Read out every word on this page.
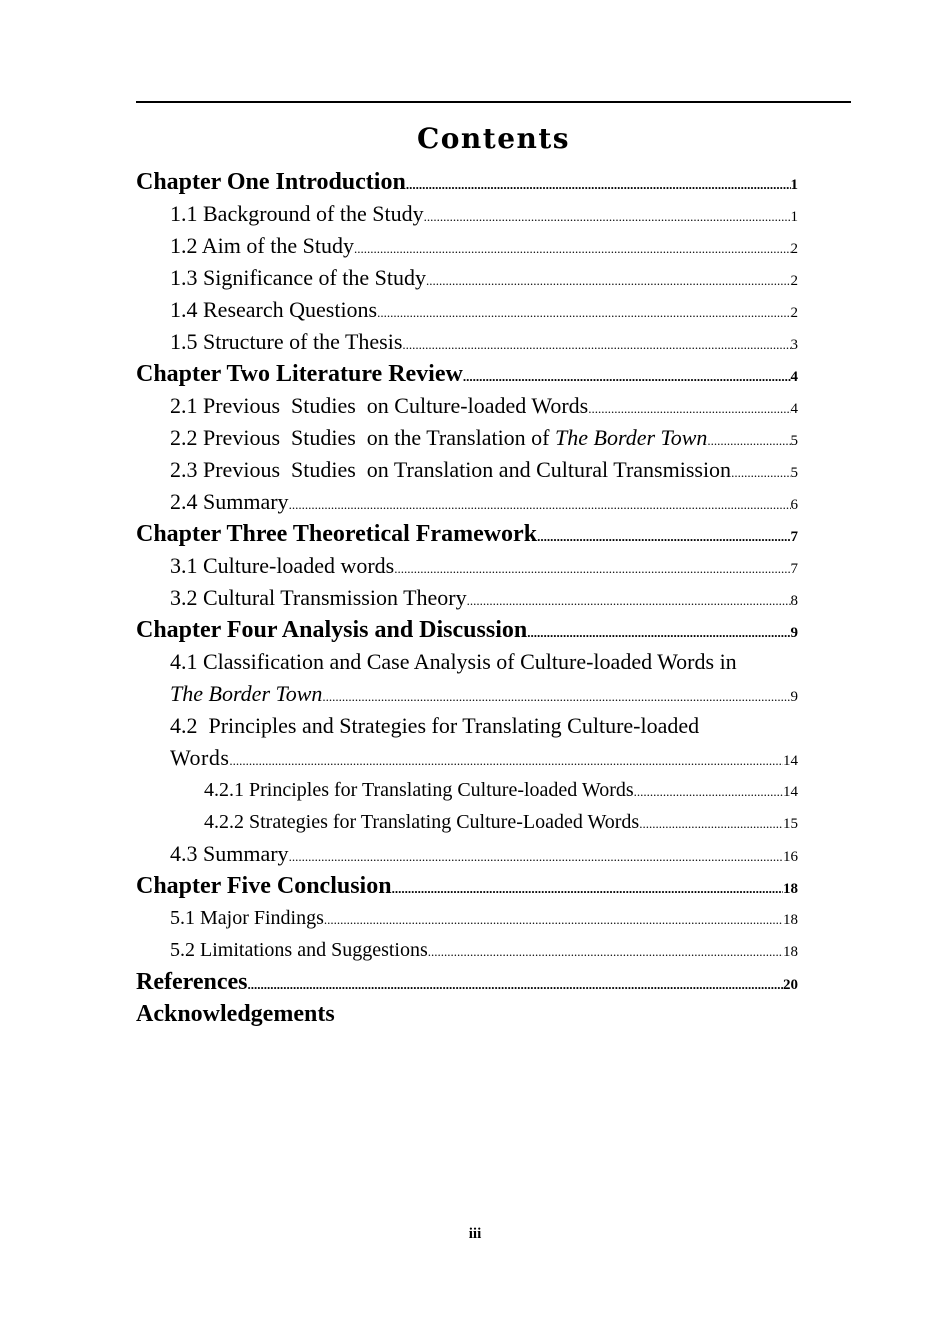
Contents
Chapter One Introduction .....	1
1.1 Background of the Study .....	1
1.2 Aim of the Study .....	2
1.3 Significance of the Study .....	2
1.4 Research Questions .....	2
1.5 Structure of the Thesis .....	3
Chapter Two Literature Review .....	4
2.1 Previous  Studies  on Culture-loaded Words .....	4
2.2 Previous  Studies  on the Translation of The Border Town .....	5
2.3 Previous  Studies  on Translation and Cultural Transmission .....	5
2.4 Summary .....	6
Chapter Three Theoretical Framework .....	7
3.1 Culture-loaded words .....	7
3.2 Cultural Transmission Theory .....	8
Chapter Four Analysis and Discussion .....	9
4.1 Classification and Case Analysis of Culture-loaded Words in
The Border Town .....	9
4.2  Principles and Strategies for Translating Culture-loaded
Words .....	14
4.2.1 Principles for Translating Culture-loaded Words .....	14
4.2.2 Strategies for Translating Culture-Loaded Words .....	15
4.3 Summary .....	16
Chapter Five Conclusion .....	18
5.1 Major Findings .....	18
5.2 Limitations and Suggestions .....	18
References .....	20
Acknowledgements
iii
